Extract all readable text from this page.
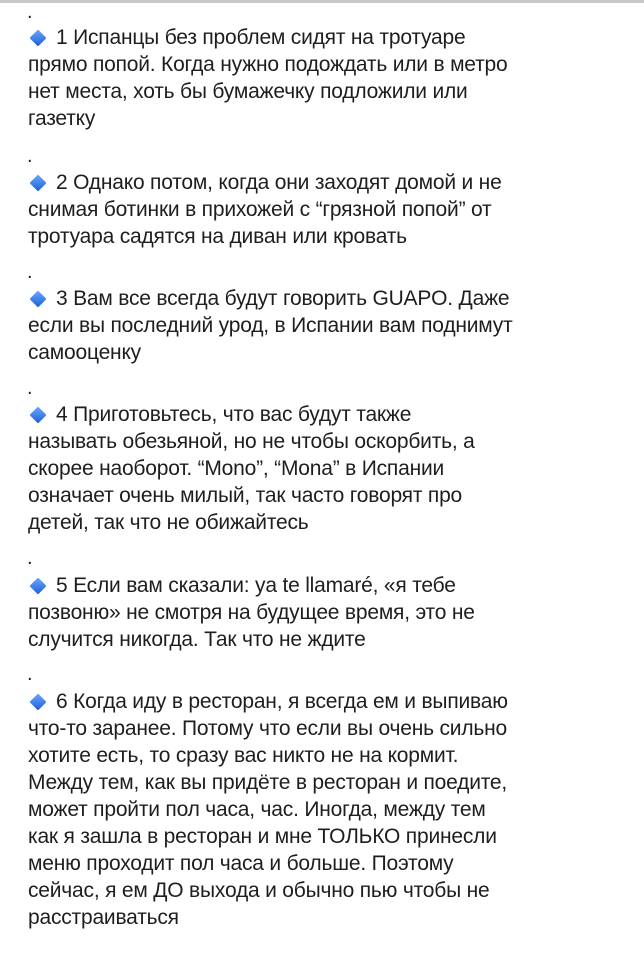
.
1 Испанцы без проблем сидят на тротуаре
прямо попой. Когда нужно подождать или в метро
нет места, хоть бы бумажечку подложили или
газетку
.
2 Однако потом, когда они заходят домой и не
снимая ботинки в прихожей с “грязной попой” от
тротуара садятся на диван или кровать
.
3 Вам все всегда будут говорить GUAPO. Даже
если вы последний урод, в Испании вам поднимут
самооценку
.
4 Приготовьтесь, что вас будут также
называть обезьяной, но не чтобы оскорбить, а
скорее наоборот. “Mono”, “Mona” в Испании
означает очень милый, так часто говорят про
детей, так что не обижайтесь
.
5 Если вам сказали: ya te llamaré, «я тебе
позвоню» не смотря на будущее время, это не
случится никогда. Так что не ждите
.
6 Когда иду в ресторан, я всегда ем и выпиваю
что-то заранее. Потому что если вы очень сильно
хотите есть, то сразу вас никто не на кормит.
Между тем, как вы придёте в ресторан и поедите,
может пройти пол часа, час. Иногда, между тем
как я зашла в ресторан и мне ТОЛЬКО принесли
меню проходит пол часа и больше. Поэтому
сейчас, я ем ДО выхода и обычно пью чтобы не
расстраиваться
